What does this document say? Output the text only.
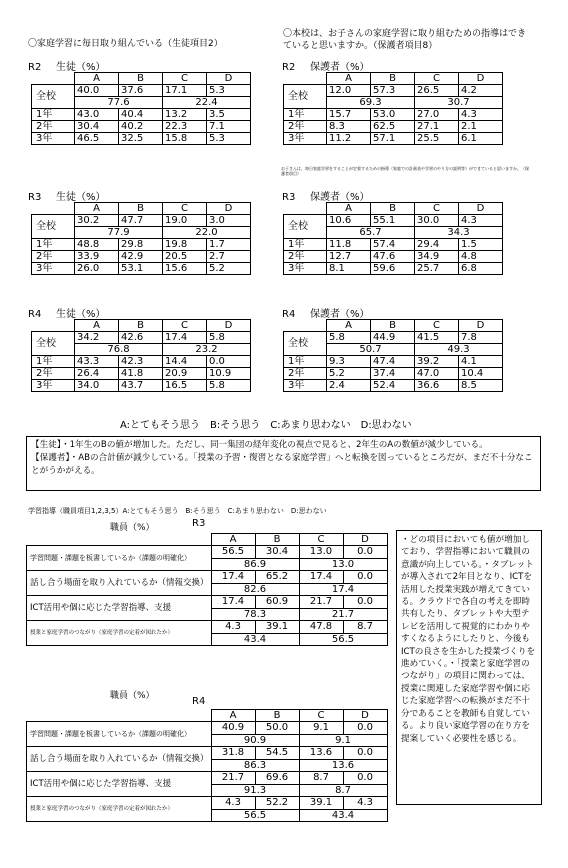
〇家庭学習に毎日取り組んでいる（生徒項目2）
〇本校は、お子さんの家庭学習に取り組むための指導はできていると思いますか。（保護者項目8）
R2 生徒（%）
	A	B	C	D
全校	40.0	37.6	17.1	5.3
	77.6		22.4	
1年	43.0	40.4	13.2	3.5
2年	30.4	40.2	22.3	7.1
3年	46.5	32.5	15.8	5.3
R2 保護者（%）
	A	B	C	D
全校	12.0	57.3	26.5	4.2
	69.3		30.7	
1年	15.7	53.0	27.0	4.3
2年	8.3	62.5	27.1	2.1
3年	11.2	57.1	25.5	6.1
R3 生徒（%）
	A	B	C	D
全校	30.2	47.7	19.0	3.0
	77.9		22.0	
1年	48.8	29.8	19.8	1.7
2年	33.9	42.9	20.5	2.7
3年	26.0	53.1	15.6	5.2
R3 保護者（%）
	A	B	C	D
全校	10.6	55.1	30.0	4.3
	65.7		34.3	
1年	11.8	57.4	29.4	1.5
2年	12.7	47.6	34.9	4.8
3年	8.1	59.6	25.7	6.8
R4 生徒（%）
	A	B	C	D
全校	34.2	42.6	17.4	5.8
	76.8		23.2	
1年	43.3	42.3	14.4	0.0
2年	26.4	41.8	20.9	10.9
3年	34.0	43.7	16.5	5.8
R4 保護者（%）
	A	B	C	D
全校	5.8	44.9	41.5	7.8
	50.7		49.3	
1年	9.3	47.4	39.2	4.1
2年	5.2	37.4	47.0	10.4
3年	2.4	52.4	36.6	8.5
お子さんは、毎日家庭学習をすることが定着するための指導（家庭での計画表や学習のやり方の説明等）ができていると思いますか。（保護者項目）
A:とてもそう思う　B:そう思う　C:あまり思わない　D:思わない
【生徒】・1年生のBの値が増加した。ただし、同一集団の経年変化の視点で見ると、2年生のAの数値が減少している。
【保護者】・ABの合計値が減少している。「授業の予習・復習となる家庭学習」へと転換を図っているところだが、まだ不十分なことがうかがえる。
学習指導（職員項目1,2,3,5）A:とてもそう思う　B:そう思う　C:あまり思わない　D:思わない
職員（%）	R3
	A	B	C	D
学習問題・課題を板書しているか（課題の明確化）	56.5	30.4	13.0	0.0
	86.9		13.0	
話し合う場面を取り入れているか（情報交換）	17.4	65.2	17.4	0.0
	82.6		17.4	
ICT活用や個に応じた学習指導、支援	17.4	60.9	21.7	0.0
	78.3		21.7	
授業と家庭学習のつながり（家庭学習の定着が図れたか）	4.3	39.1	47.8	8.7
	43.4		56.5	
職員（%）	R4
	A	B	C	D
学習問題・課題を板書しているか（課題の明確化）	40.9	50.0	9.1	0.0
	90.9		9.1	
話し合う場面を取り入れているか（情報交換）	31.8	54.5	13.6	0.0
	86.3		13.6	
ICT活用や個に応じた学習指導、支援	21.7	69.6	8.7	0.0
	91.3		8.7	
授業と家庭学習のつながり（家庭学習の定着が図れたか）	4.3	52.2	39.1	4.3
	56.5		43.4	
・どの項目においても値が増加しており、学習指導において職員の意識が向上している。・タブレットが導入されて2年目となり、ICTを活用した授業実践が増えてきている。クラウドで各自の考えを即時共有したり、タブレットや大型テレビを活用して視覚的にわかりやすくなるようにしたりと、今後もICTの良さを生かした授業づくりを進めていく。・「授業と家庭学習のつながり」の項目に関わっては、授業に関連した家庭学習や個に応じた家庭学習への転換がまだ不十分であることを教師も自覚している。より良い家庭学習の在り方を提案していく必要性を感じる。
